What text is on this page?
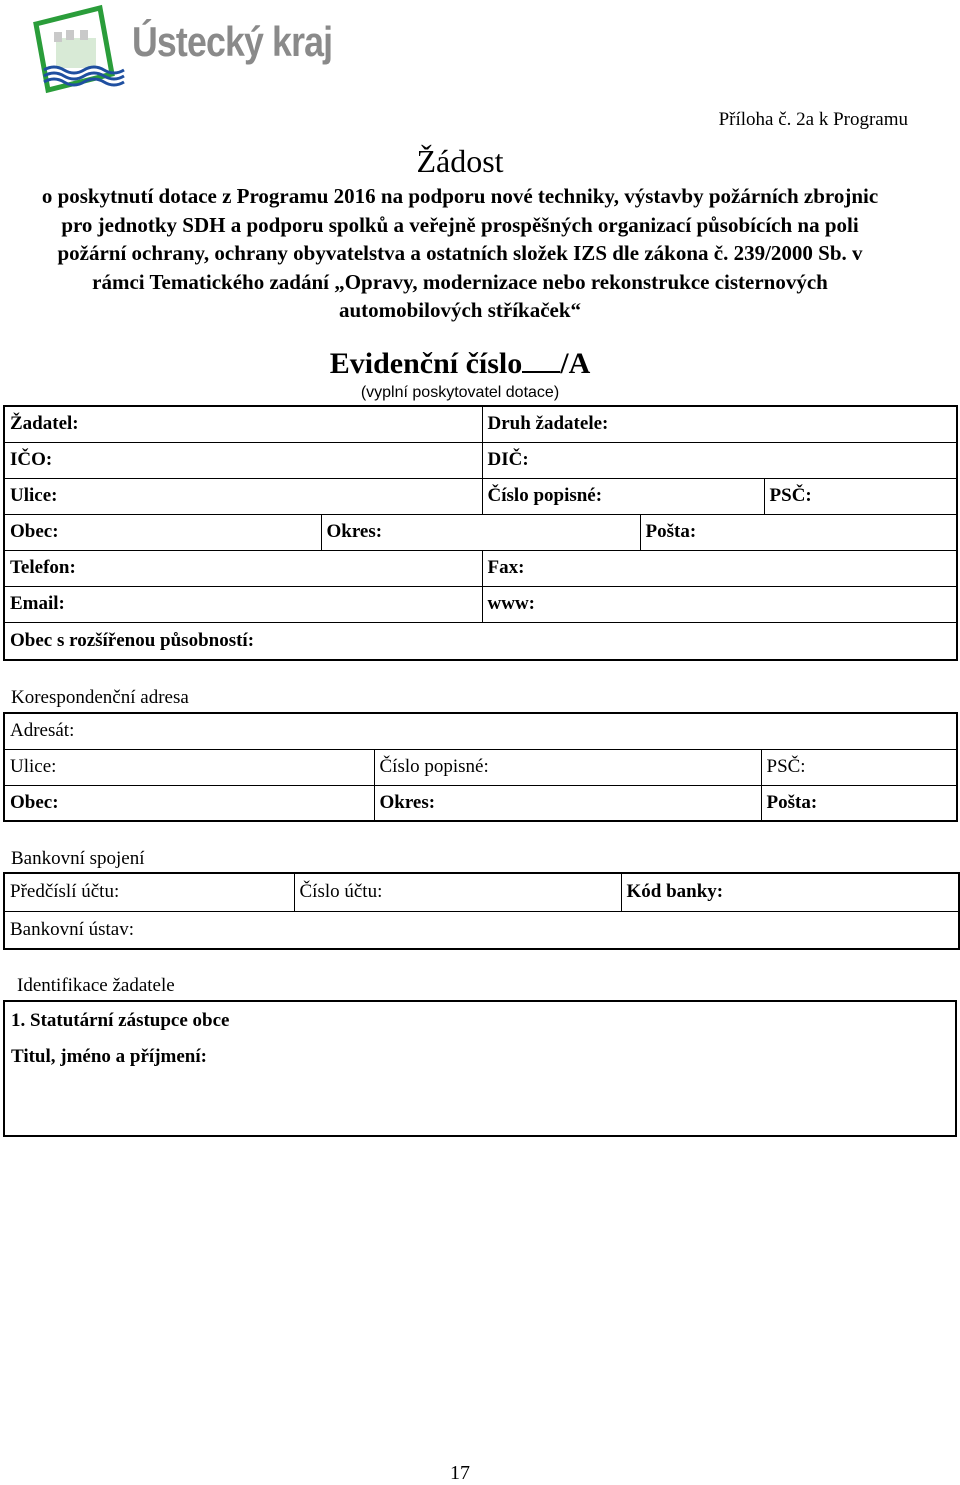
Ústecký kraj
Příloha č. 2a k Programu
Žádost
o poskytnutí dotace z Programu 2016 na podporu nové techniky, výstavby požárních zbrojnic pro jednotky SDH a podporu spolků a veřejně prospěšných organizací působících na poli požární ochrany, ochrany obyvatelstva a ostatních složek IZS dle zákona č. 239/2000 Sb. v rámci Tematického zadání „Opravy, modernizace nebo rekonstrukce cisternových automobilových stříkaček“
Evidenční číslo /A
(vyplní poskytovatel dotace)
Žadatel:		Druh žadatele:		
IČO:		DIČ:		
Ulice:		Číslo popisné:		PSČ:
Obec:	Okres:		Pošta:	
Telefon:		Fax:		
Email:		www:		
Obec s rozšířenou působností:				
Korespondenční adresa
Adresát:		
Ulice:	Číslo popisné:	PSČ:
Obec:	Okres:	Pošta:
Bankovní spojení
Předčíslí účtu:	Číslo účtu:	Kód banky:
Bankovní ústav:
Identifikace žadatele
1. Statutární zástupce obce
Titul, jméno a příjmení:
17
